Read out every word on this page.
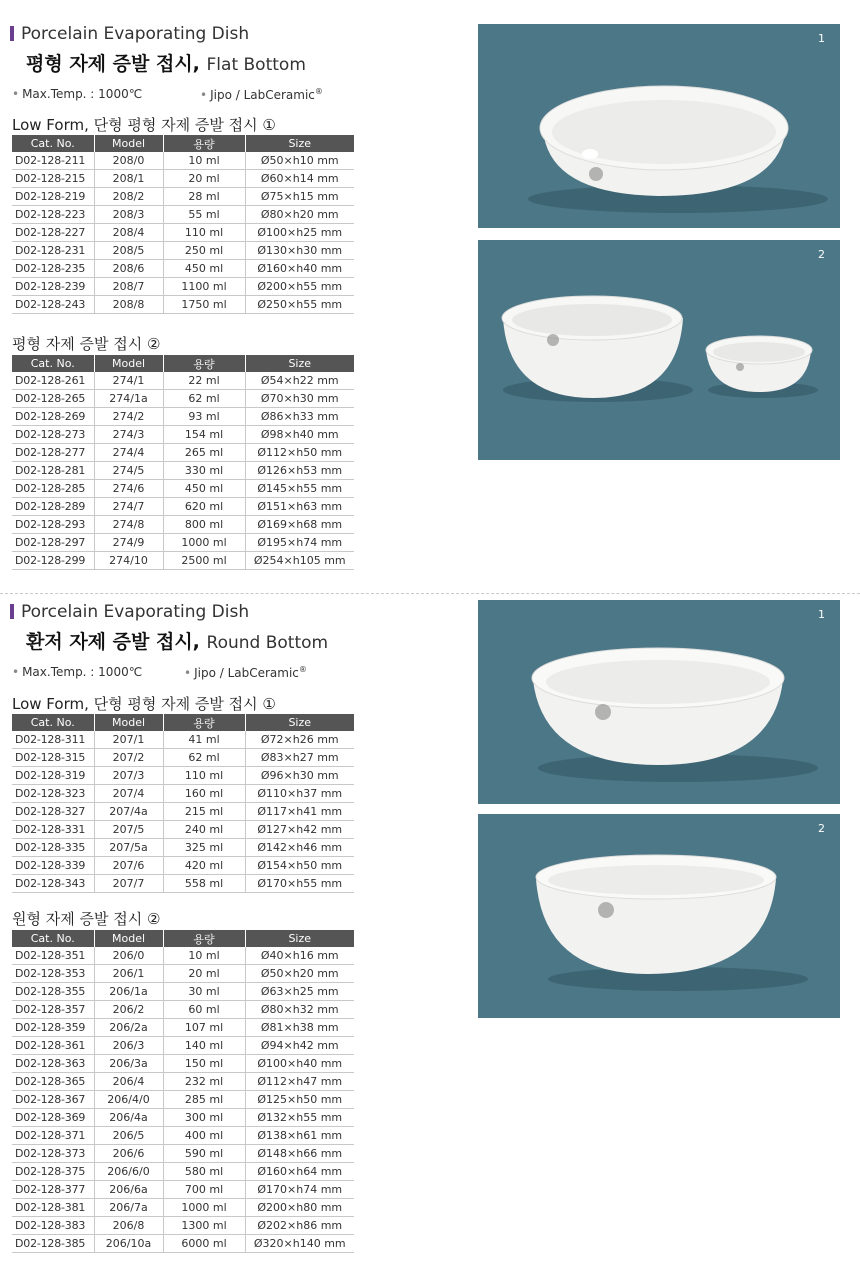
Porcelain Evaporating Dish
평형 자제 증발 접시, Flat Bottom
• Max.Temp. : 1000℃	• Jipo / LabCeramic®
Low Form, 단형 평형 자제 증발 접시 ①
Cat. No.	Model	용량	Size
D02-128-211	208/0	10 ml	Ø50×h10 mm
D02-128-215	208/1	20 ml	Ø60×h14 mm
D02-128-219	208/2	28 ml	Ø75×h15 mm
D02-128-223	208/3	55 ml	Ø80×h20 mm
D02-128-227	208/4	110 ml	Ø100×h25 mm
D02-128-231	208/5	250 ml	Ø130×h30 mm
D02-128-235	208/6	450 ml	Ø160×h40 mm
D02-128-239	208/7	1100 ml	Ø200×h55 mm
D02-128-243	208/8	1750 ml	Ø250×h55 mm
평형 자제 증발 접시 ②
Cat. No.	Model	용량	Size
D02-128-261	274/1	22 ml	Ø54×h22 mm
D02-128-265	274/1a	62 ml	Ø70×h30 mm
D02-128-269	274/2	93 ml	Ø86×h33 mm
D02-128-273	274/3	154 ml	Ø98×h40 mm
D02-128-277	274/4	265 ml	Ø112×h50 mm
D02-128-281	274/5	330 ml	Ø126×h53 mm
D02-128-285	274/6	450 ml	Ø145×h55 mm
D02-128-289	274/7	620 ml	Ø151×h63 mm
D02-128-293	274/8	800 ml	Ø169×h68 mm
D02-128-297	274/9	1000 ml	Ø195×h74 mm
D02-128-299	274/10	2500 ml	Ø254×h105 mm
1
2
Porcelain Evaporating Dish
환저 자제 증발 접시, Round Bottom
• Max.Temp. : 1000℃	• Jipo / LabCeramic®
Low Form, 단형 평형 자제 증발 접시 ①
Cat. No.	Model	용량	Size
D02-128-311	207/1	41 ml	Ø72×h26 mm
D02-128-315	207/2	62 ml	Ø83×h27 mm
D02-128-319	207/3	110 ml	Ø96×h30 mm
D02-128-323	207/4	160 ml	Ø110×h37 mm
D02-128-327	207/4a	215 ml	Ø117×h41 mm
D02-128-331	207/5	240 ml	Ø127×h42 mm
D02-128-335	207/5a	325 ml	Ø142×h46 mm
D02-128-339	207/6	420 ml	Ø154×h50 mm
D02-128-343	207/7	558 ml	Ø170×h55 mm
원형 자제 증발 접시 ②
Cat. No.	Model	용량	Size
D02-128-351	206/0	10 ml	Ø40×h16 mm
D02-128-353	206/1	20 ml	Ø50×h20 mm
D02-128-355	206/1a	30 ml	Ø63×h25 mm
D02-128-357	206/2	60 ml	Ø80×h32 mm
D02-128-359	206/2a	107 ml	Ø81×h38 mm
D02-128-361	206/3	140 ml	Ø94×h42 mm
D02-128-363	206/3a	150 ml	Ø100×h40 mm
D02-128-365	206/4	232 ml	Ø112×h47 mm
D02-128-367	206/4/0	285 ml	Ø125×h50 mm
D02-128-369	206/4a	300 ml	Ø132×h55 mm
D02-128-371	206/5	400 ml	Ø138×h61 mm
D02-128-373	206/6	590 ml	Ø148×h66 mm
D02-128-375	206/6/0	580 ml	Ø160×h64 mm
D02-128-377	206/6a	700 ml	Ø170×h74 mm
D02-128-381	206/7a	1000 ml	Ø200×h80 mm
D02-128-383	206/8	1300 ml	Ø202×h86 mm
D02-128-385	206/10a	6000 ml	Ø320×h140 mm
1
2
